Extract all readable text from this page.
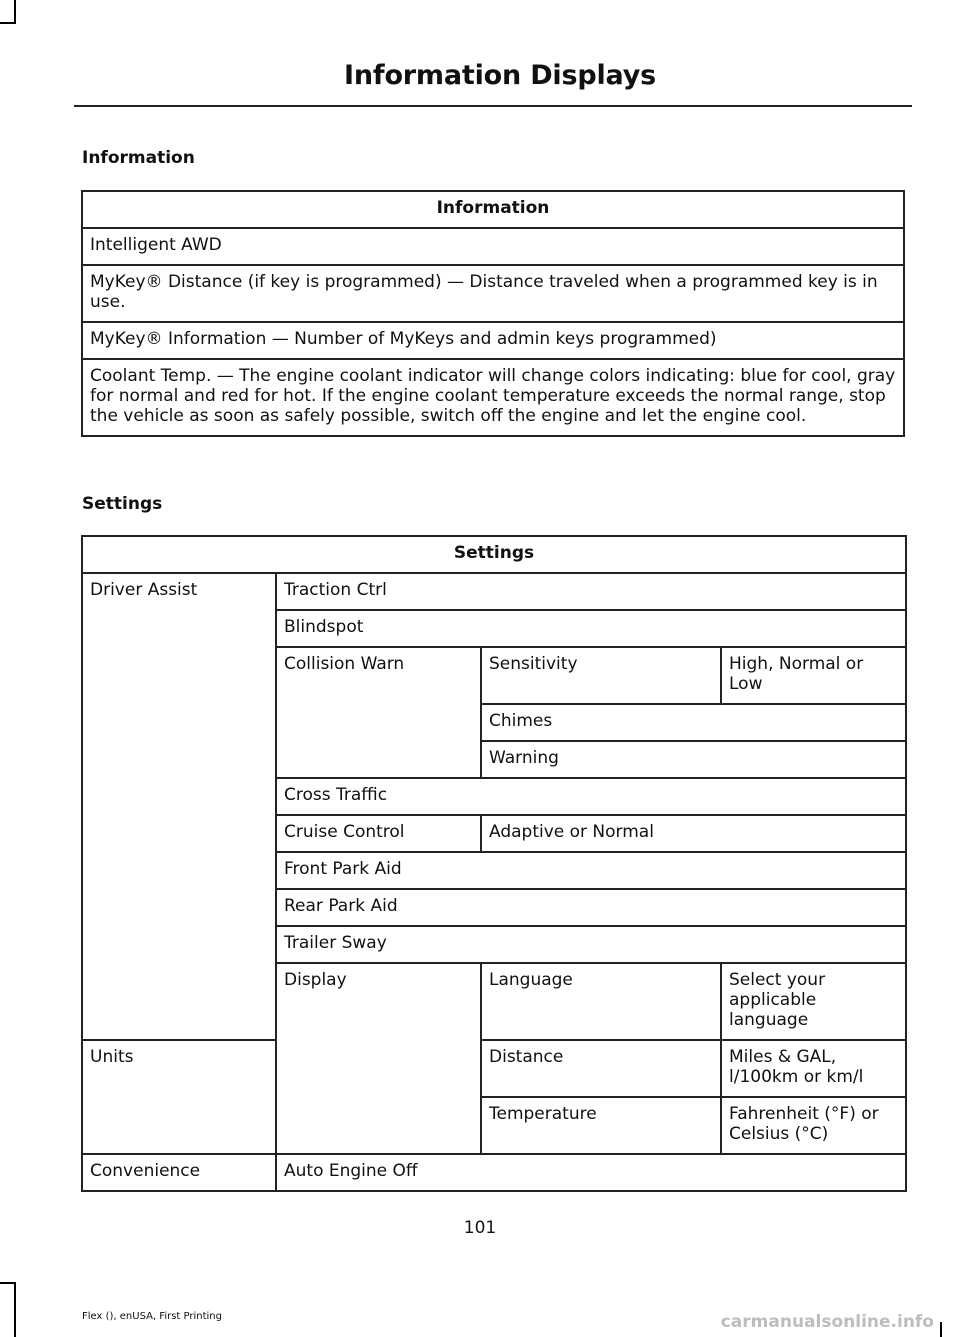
Information Displays
Information
Information
Intelligent AWD
MyKey® Distance (if key is programmed) — Distance traveled when a programmed key is in use.
MyKey® Information — Number of MyKeys and admin keys programmed)
Coolant Temp. — The engine coolant indicator will change colors indicating: blue for cool, gray for normal and red for hot. If the engine coolant temperature exceeds the normal range, stop the vehicle as soon as safely possible, switch off the engine and let the engine cool.
Settings
Settings			
Driver Assist	Traction Ctrl		
	Blindspot		
	Collision Warn	Sensitivity	High, Normal or Low
		Chimes	
		Warning	
	Cross Traffic		
	Cruise Control	Adaptive or Normal	
	Front Park Aid		
	Rear Park Aid		
	Trailer Sway		
	Display	Language	Select your applicable language
Units		Distance	Miles & GAL, l/100km or km/l
		Temperature	Fahrenheit (°F) or Celsius (°C)
Convenience	Auto Engine Off		
101
Flex (), enUSA, First Printing	carmanualsonline.info
